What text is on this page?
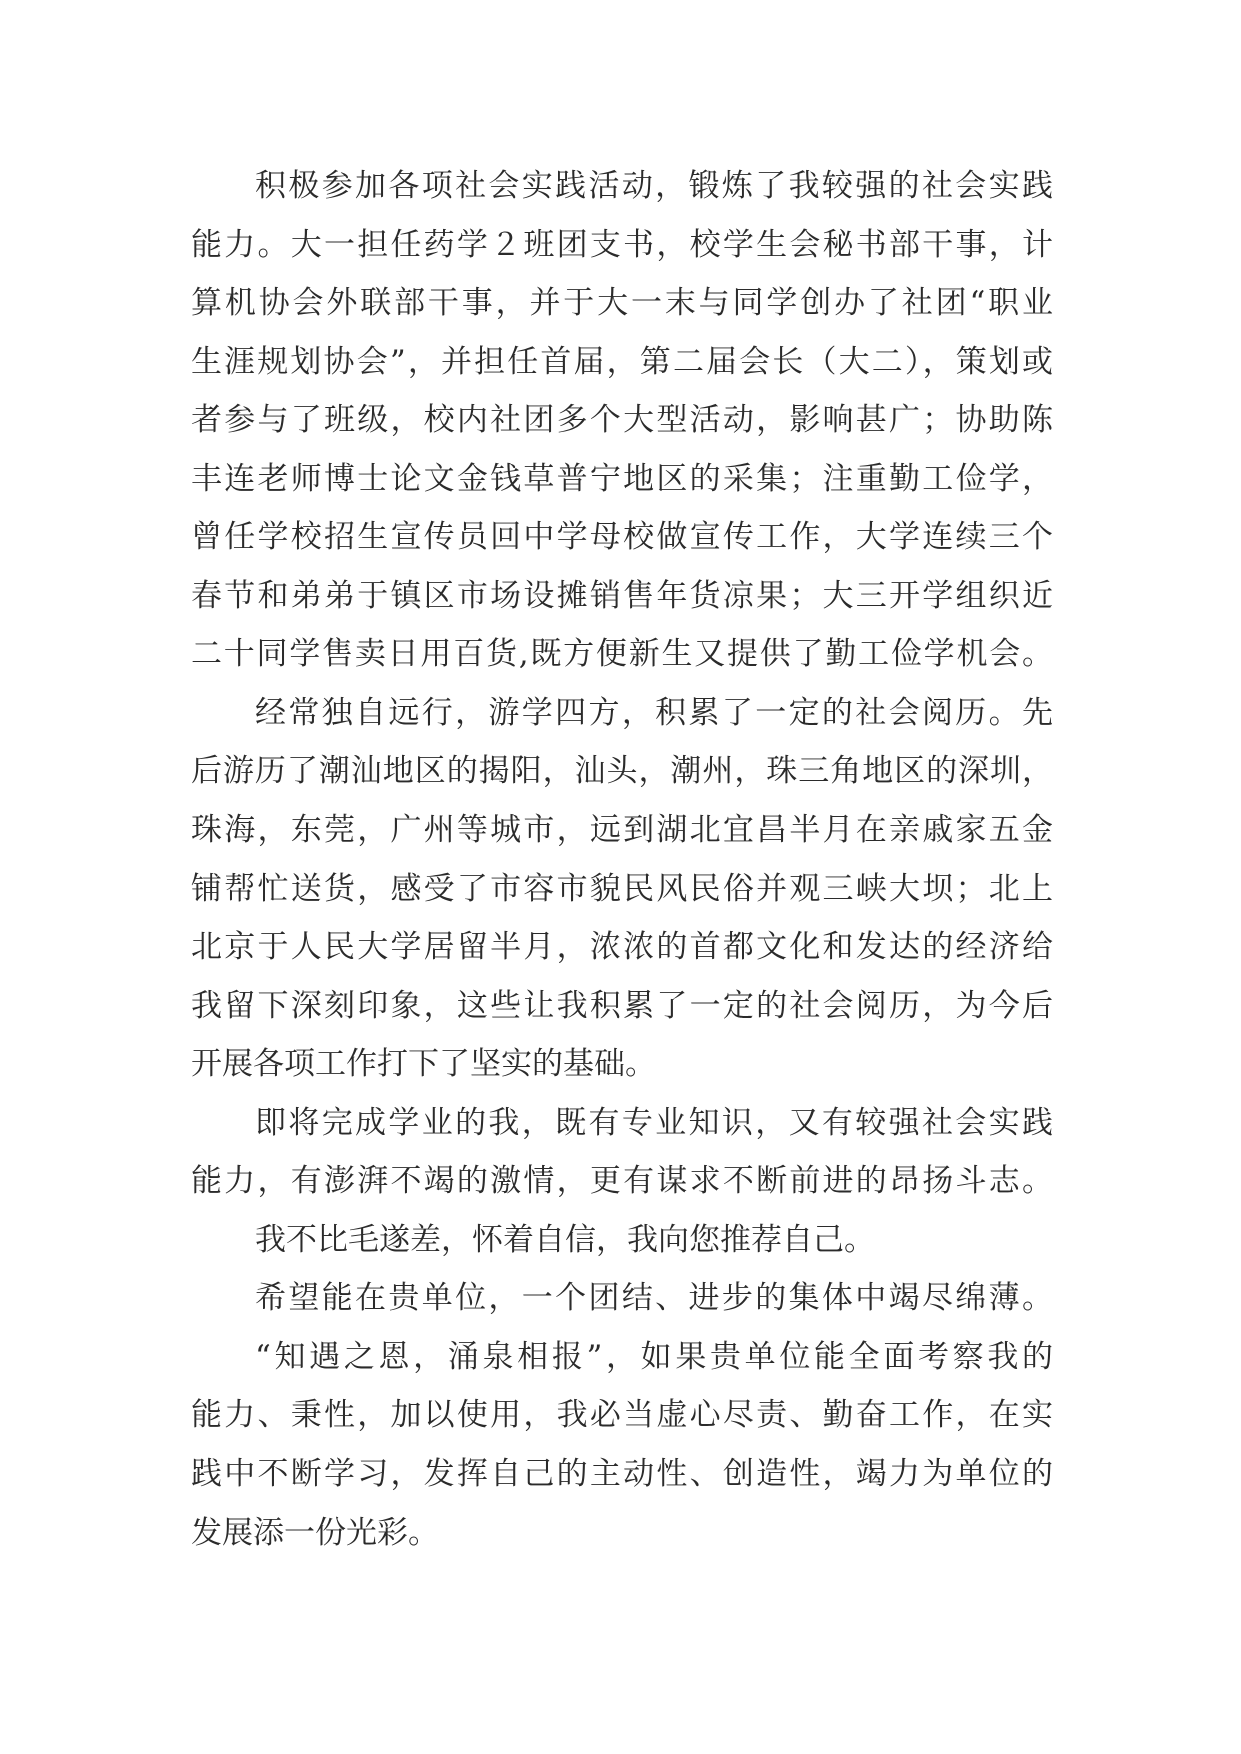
积极参加各项社会实践活动，锻炼了我较强的社会实践
能力。大一担任药学２班团支书，校学生会秘书部干事，计
算机协会外联部干事，并于大一末与同学创办了社团“职业
生涯规划协会”，并担任首届，第二届会长（大二），策划或
者参与了班级，校内社团多个大型活动，影响甚广；协助陈
丰连老师博士论文金钱草普宁地区的采集；注重勤工俭学，
曾任学校招生宣传员回中学母校做宣传工作，大学连续三个
春节和弟弟于镇区市场设摊销售年货凉果；大三开学组织近
二十同学售卖日用百货,既方便新生又提供了勤工俭学机会。
经常独自远行，游学四方，积累了一定的社会阅历。先
后游历了潮汕地区的揭阳，汕头，潮州，珠三角地区的深圳，
珠海，东莞，广州等城市，远到湖北宜昌半月在亲戚家五金
铺帮忙送货，感受了市容市貌民风民俗并观三峡大坝；北上
北京于人民大学居留半月，浓浓的首都文化和发达的经济给
我留下深刻印象，这些让我积累了一定的社会阅历，为今后
开展各项工作打下了坚实的基础。
即将完成学业的我，既有专业知识，又有较强社会实践
能力，有澎湃不竭的激情，更有谋求不断前进的昂扬斗志。
我不比毛遂差，怀着自信，我向您推荐自己。
希望能在贵单位，一个团结、进步的集体中竭尽绵薄。
“知遇之恩，涌泉相报”，如果贵单位能全面考察我的
能力、秉性，加以使用，我必当虚心尽责、勤奋工作，在实
践中不断学习，发挥自己的主动性、创造性，竭力为单位的
发展添一份光彩。
